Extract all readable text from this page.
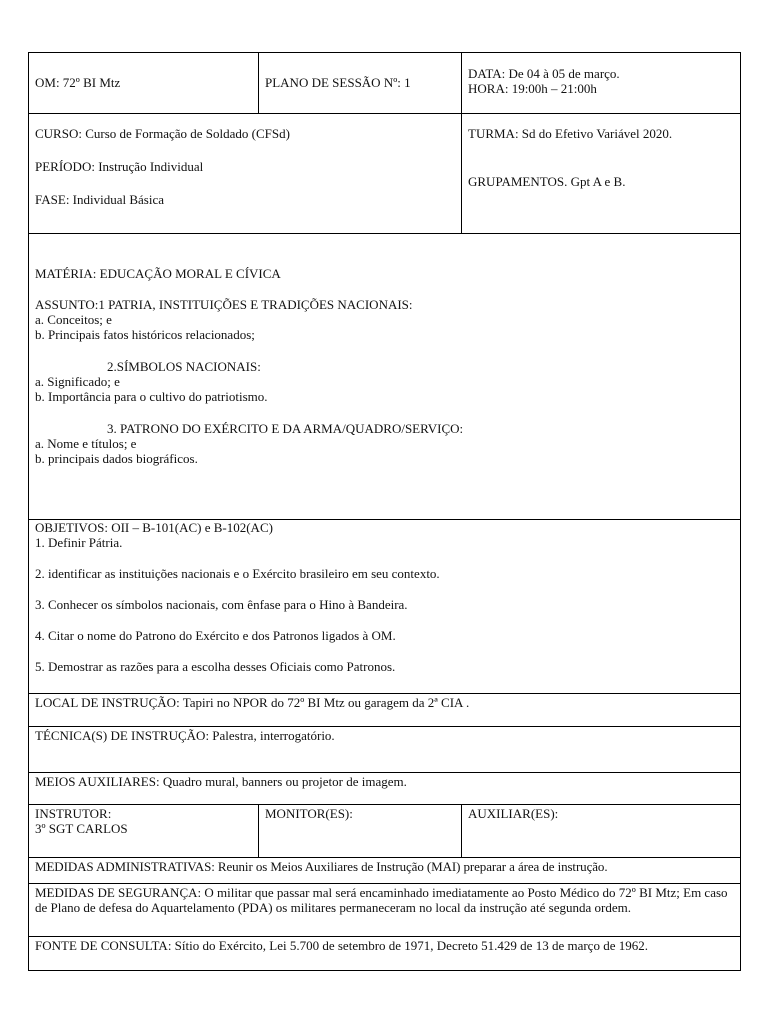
OM: 72º BI Mtz	PLANO DE SESSÃO Nº: 1

DATA: De 04 à 05 de março.

HORA: 19:00h – 21:00h

CURSO: Curso de Formação de Soldado (CFSd)

PERÍODO: Instrução Individual

FASE: Individual Básica

TURMA: Sd do Efetivo Variável 2020.

GRUPAMENTOS. Gpt A e B.

MATÉRIA: EDUCAÇÃO MORAL E CÍVICA

ASSUNTO:1 PATRIA, INSTITUIÇÕES E TRADIÇÕES NACIONAIS:

a. Conceitos; e

b. Principais fatos históricos relacionados;

2.SÍMBOLOS NACIONAIS:

a. Significado; e

b. Importância para o cultivo do patriotismo.

3. PATRONO DO EXÉRCITO E DA ARMA/QUADRO/SERVIÇO:

a. Nome e títulos; e

b. principais dados biográficos.

OBJETIVOS: OII – B-101(AC) e B-102(AC)

1. Definir Pátria.

2. identificar as instituições nacionais e o Exército brasileiro em seu contexto.

3. Conhecer os símbolos nacionais, com ênfase para o Hino à Bandeira.

4. Citar o nome do Patrono do Exército e dos Patronos ligados à OM.

5. Demostrar as razões para a escolha desses Oficiais como Patronos.

LOCAL DE INSTRUÇÃO: Tapiri no NPOR do 72º BI Mtz ou garagem da 2ª CIA .
TÉCNICA(S) DE INSTRUÇÃO: Palestra, interrogatório.
MEIOS AUXILIARES: Quadro mural, banners ou projetor de imagem.

INSTRUTOR:

3º SGT CARLOS

MONITOR(ES):	AUXILIAR(ES):
MEDIDAS ADMINISTRATIVAS: Reunir os Meios Auxiliares de Instrução (MAI) preparar a área de instrução.
MEDIDAS DE SEGURANÇA: O militar que passar mal será encaminhado imediatamente ao Posto Médico do 72º BI Mtz; Em caso de Plano de defesa do Aquartelamento (PDA) os militares permaneceram no local da instrução até segunda ordem.
FONTE DE CONSULTA: Sítio do Exército, Lei 5.700 de setembro de 1971, Decreto 51.429 de 13 de março de 1962.
